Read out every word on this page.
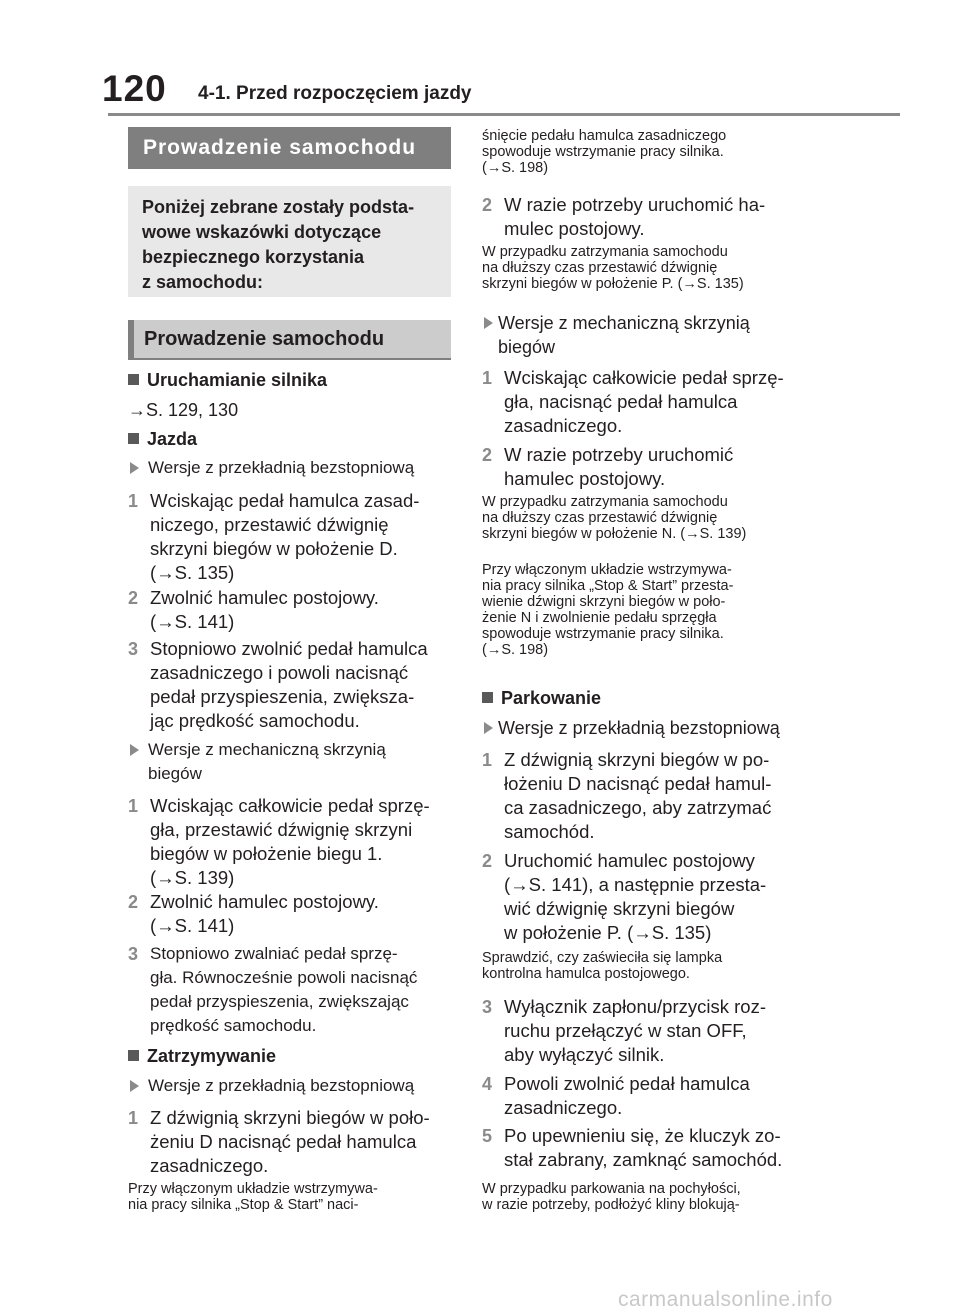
120 4-1. Przed rozpoczęciem jazdy
Prowadzenie samochodu
Poniżej zebrane zostały podsta-
wowe wskazówki dotyczące
bezpiecznego korzystania
z samochodu:
Prowadzenie samochodu
Uruchamianie silnika
→S. 129, 130
Jazda
Wersje z przekładnią bezstopniową
1 Wciskając pedał hamulca zasad-
niczego, przestawić dźwignię
skrzyni biegów w położenie D.
(→S. 135)
2 Zwolnić hamulec postojowy.
(→S. 141)
3 Stopniowo zwolnić pedał hamulca
zasadniczego i powoli nacisnąć
pedał przyspieszenia, zwiększa-
jąc prędkość samochodu.
Wersje z mechaniczną skrzynią
biegów
1 Wciskając całkowicie pedał sprzę-
gła, przestawić dźwignię skrzyni
biegów w położenie biegu 1.
(→S. 139)
2 Zwolnić hamulec postojowy.
(→S. 141)
3 Stopniowo zwalniać pedał sprzę-
gła. Równocześnie powoli nacisnąć
pedał przyspieszenia, zwiększając
prędkość samochodu.
Zatrzymywanie
Wersje z przekładnią bezstopniową
1 Z dźwignią skrzyni biegów w poło-
żeniu D nacisnąć pedał hamulca
zasadniczego.
Przy włączonym układzie wstrzymywa-
nia pracy silnika „Stop & Start” naci-
śnięcie pedału hamulca zasadniczego
spowoduje wstrzymanie pracy silnika.
(→S. 198)
2 W razie potrzeby uruchomić ha-
mulec postojowy.
W przypadku zatrzymania samochodu
na dłuższy czas przestawić dźwignię
skrzyni biegów w położenie P. (→S. 135)
Wersje z mechaniczną skrzynią
biegów
1 Wciskając całkowicie pedał sprzę-
gła, nacisnąć pedał hamulca
zasadniczego.
2 W razie potrzeby uruchomić
hamulec postojowy.
W przypadku zatrzymania samochodu
na dłuższy czas przestawić dźwignię
skrzyni biegów w położenie N. (→S. 139)
Przy włączonym układzie wstrzymywa-
nia pracy silnika „Stop & Start” przesta-
wienie dźwigni skrzyni biegów w poło-
żenie N i zwolnienie pedału sprzęgła
spowoduje wstrzymanie pracy silnika.
(→S. 198)
Parkowanie
Wersje z przekładnią bezstopniową
1 Z dźwignią skrzyni biegów w po-
łożeniu D nacisnąć pedał hamul-
ca zasadniczego, aby zatrzymać
samochód.
2 Uruchomić hamulec postojowy
(→S. 141), a następnie przesta-
wić dźwignię skrzyni biegów
w położenie P. (→S. 135)
Sprawdzić, czy zaświeciła się lampka
kontrolna hamulca postojowego.
3 Wyłącznik zapłonu/przycisk roz-
ruchu przełączyć w stan OFF,
aby wyłączyć silnik.
4 Powoli zwolnić pedał hamulca
zasadniczego.
5 Po upewnieniu się, że kluczyk zo-
stał zabrany, zamknąć samochód.
W przypadku parkowania na pochyłości,
w razie potrzeby, podłożyć kliny blokują-
carmanualsonline.info
